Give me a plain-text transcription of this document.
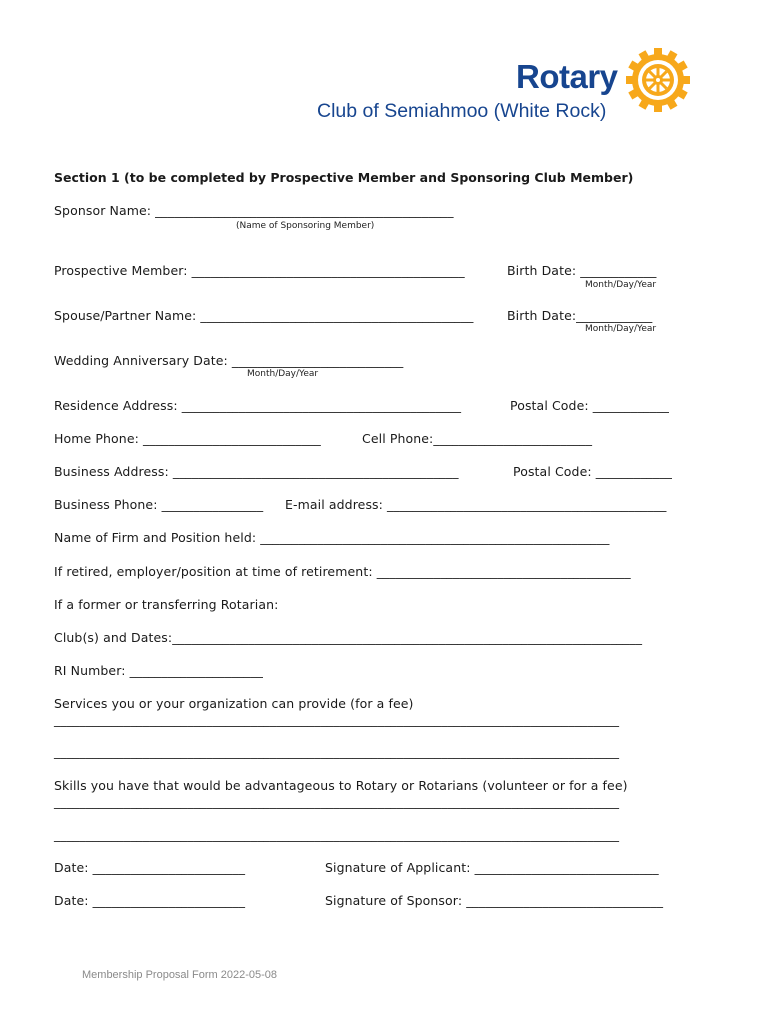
Rotary
Club of Semiahmoo (White Rock)
Section 1 (to be completed by Prospective Member and Sponsoring Club Member)
Sponsor Name: _______________________________________________
(Name of Sponsoring Member)
Prospective Member: ___________________________________________	Birth Date: ____________
Month/Day/Year
Spouse/Partner Name: ___________________________________________	Birth Date:____________
Month/Day/Year
Wedding Anniversary Date: ___________________________
Month/Day/Year
Residence Address: ____________________________________________	Postal Code: ____________
Home Phone: ____________________________	Cell Phone:_________________________
Business Address: _____________________________________________	Postal Code: ____________
Business Phone: ________________ E-mail address: ____________________________________________
Name of Firm and Position held: _______________________________________________________
If retired, employer/position at time of retirement: ________________________________________
If a former or transferring Rotarian:
Club(s) and Dates:__________________________________________________________________________
RI Number: _____________________
Services you or your organization can provide (for a fee)
_________________________________________________________________________________________
_________________________________________________________________________________________
Skills you have that would be advantageous to Rotary or Rotarians (volunteer or for a fee)
_________________________________________________________________________________________
_________________________________________________________________________________________
Date: ________________________	Signature of Applicant: _____________________________
Date: ________________________	Signature of Sponsor: _______________________________
Membership Proposal Form 2022-05-08
